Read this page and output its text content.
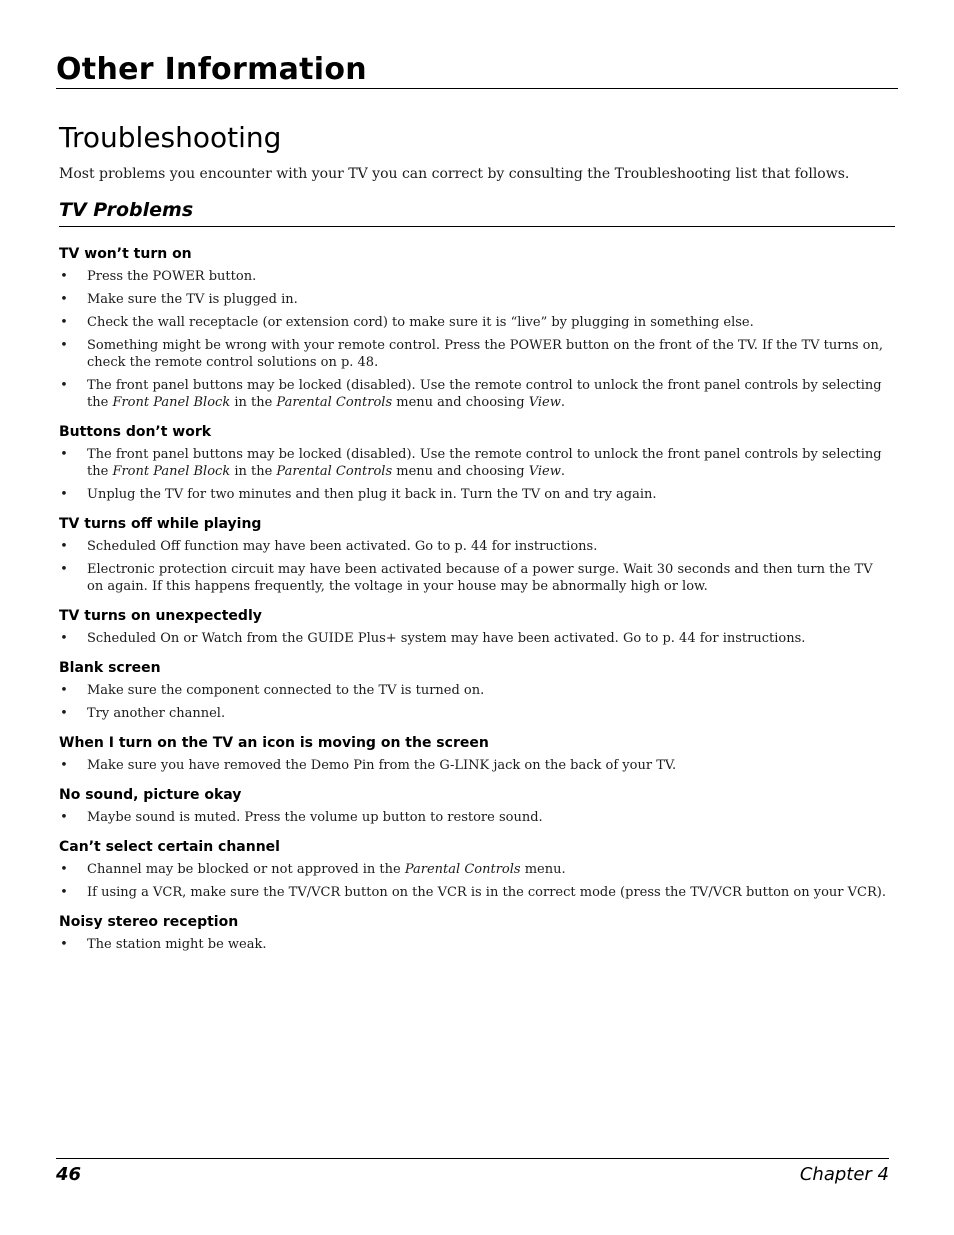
Other Information
Troubleshooting

Most problems you encounter with your TV you can correct by consulting the Troubleshooting list that follows.

TV Problems
TV won’t turn on
• Press the POWER button.
• Make sure the TV is plugged in.
• Check the wall receptacle (or extension cord) to make sure it is “live” by plugging in something else.
• Something might be wrong with your remote control. Press the POWER button on the front of the TV. If the TV turns on, check the remote control solutions on p. 48.
• The front panel buttons may be locked (disabled). Use the remote control to unlock the front panel controls by selecting the Front Panel Block in the Parental Controls menu and choosing View.
Buttons don’t work
• The front panel buttons may be locked (disabled). Use the remote control to unlock the front panel controls by selecting the Front Panel Block in the Parental Controls menu and choosing View.
• Unplug the TV for two minutes and then plug it back in. Turn the TV on and try again.
TV turns off while playing
• Scheduled Off function may have been activated. Go to p. 44 for instructions.
• Electronic protection circuit may have been activated because of a power surge. Wait 30 seconds and then turn the TV on again. If this happens frequently, the voltage in your house may be abnormally high or low.
TV turns on unexpectedly
• Scheduled On or Watch from the GUIDE Plus+ system may have been activated. Go to p. 44 for instructions.
Blank screen
• Make sure the component connected to the TV is turned on.
• Try another channel.
When I turn on the TV an icon is moving on the screen
• Make sure you have removed the Demo Pin from the G-LINK jack on the back of your TV.
No sound, picture okay
• Maybe sound is muted. Press the volume up button to restore sound.
Can’t select certain channel
• Channel may be blocked or not approved in the Parental Controls menu.
• If using a VCR, make sure the TV/VCR button on the VCR is in the correct mode (press the TV/VCR button on your VCR).
Noisy stereo reception
• The station might be weak.
46	Chapter 4
